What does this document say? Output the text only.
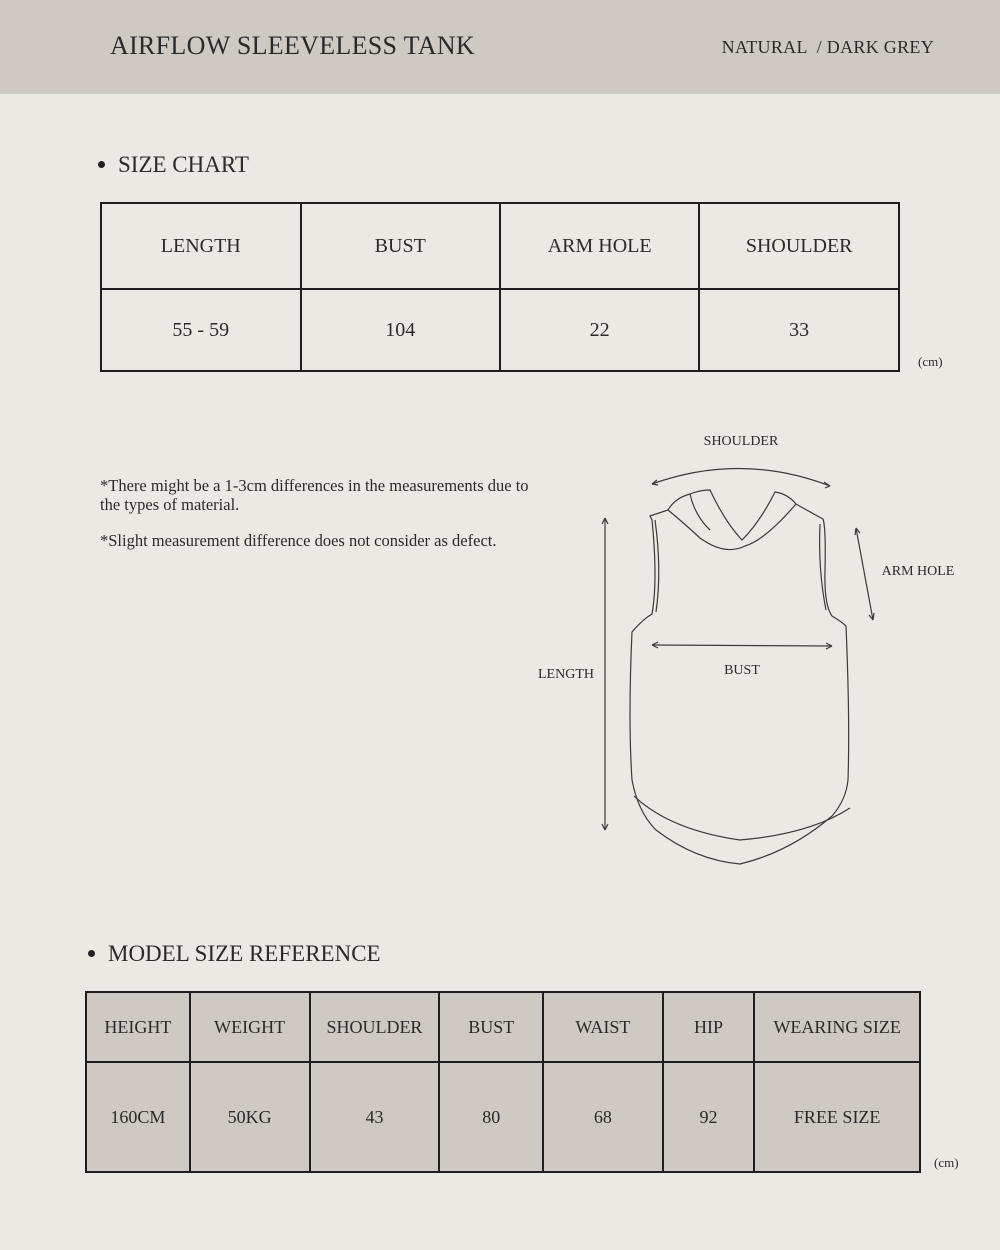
AIRFLOW SLEEVELESS TANK	NATURAL  / DARK GREY
SIZE CHART
LENGTH	BUST	ARM HOLE	SHOULDER
55 - 59	104	22	33
(cm)

*There might be a 1-3cm differences in the measurements due to the types of material.

*Slight measurement difference does not consider as defect.

SHOULDER
ARM HOLE
LENGTH	BUST
MODEL SIZE REFERENCE
HEIGHT	WEIGHT	SHOULDER	BUST	WAIST	HIP	WEARING SIZE
160CM	50KG	43	80	68	92	FREE SIZE
(cm)
